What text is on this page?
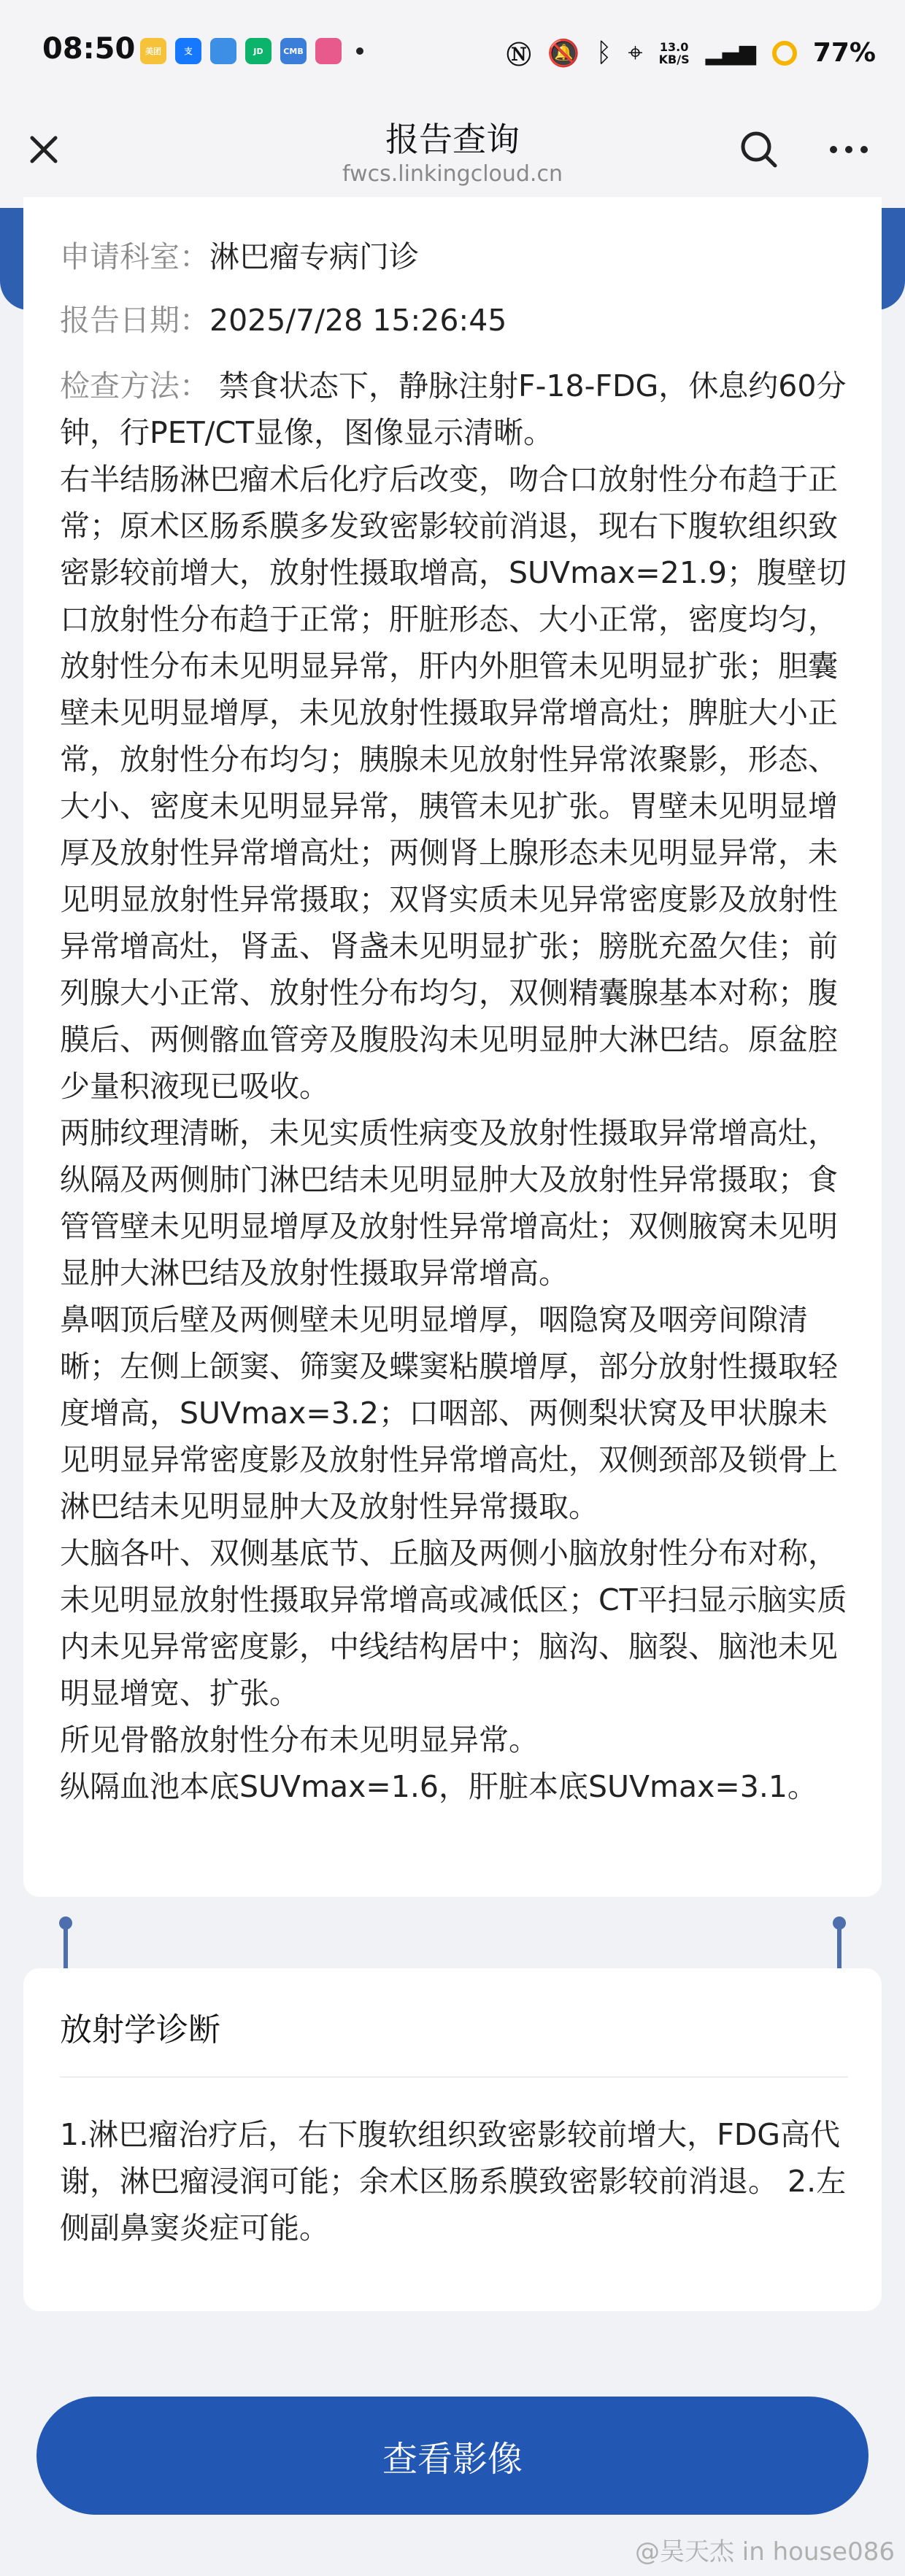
08:50	美团	支	JD	CMB	Ⓝ 🔕 ᛒ ⌖ 13.0
KB/S ▂▄▆ 77%
报告查询
fwcs.linkingcloud.cn
申请科室：淋巴瘤专病门诊
报告日期：2025/7/28 15:26:45

检查方法： 禁食状态下，静脉注射F-18-FDG，休息约60分钟，行PET/CT显像，图像显示清晰。

右半结肠淋巴瘤术后化疗后改变，吻合口放射性分布趋于正常；原术区肠系膜多发致密影较前消退，现右下腹软组织致密影较前增大，放射性摄取增高，SUVmax=21.9；腹壁切口放射性分布趋于正常；肝脏形态、大小正常，密度均匀，放射性分布未见明显异常，肝内外胆管未见明显扩张；胆囊壁未见明显增厚，未见放射性摄取异常增高灶；脾脏大小正常，放射性分布均匀；胰腺未见放射性异常浓聚影，形态、大小、密度未见明显异常，胰管未见扩张。胃壁未见明显增厚及放射性异常增高灶；两侧肾上腺形态未见明显异常，未见明显放射性异常摄取；双肾实质未见异常密度影及放射性异常增高灶，肾盂、肾盏未见明显扩张；膀胱充盈欠佳；前列腺大小正常、放射性分布均匀，双侧精囊腺基本对称；腹膜后、两侧髂血管旁及腹股沟未见明显肿大淋巴结。原盆腔少量积液现已吸收。

两肺纹理清晰，未见实质性病变及放射性摄取异常增高灶，纵隔及两侧肺门淋巴结未见明显肿大及放射性异常摄取；食管管壁未见明显增厚及放射性异常增高灶；双侧腋窝未见明显肿大淋巴结及放射性摄取异常增高。

鼻咽顶后壁及两侧壁未见明显增厚，咽隐窝及咽旁间隙清晰；左侧上颌窦、筛窦及蝶窦粘膜增厚，部分放射性摄取轻度增高，SUVmax=3.2；口咽部、两侧梨状窝及甲状腺未见明显异常密度影及放射性异常增高灶，双侧颈部及锁骨上淋巴结未见明显肿大及放射性异常摄取。

大脑各叶、双侧基底节、丘脑及两侧小脑放射性分布对称，未见明显放射性摄取异常增高或减低区；CT平扫显示脑实质内未见异常密度影，中线结构居中；脑沟、脑裂、脑池未见明显增宽、扩张。

所见骨骼放射性分布未见明显异常。

纵隔血池本底SUVmax=1.6，肝脏本底SUVmax=3.1。

放射学诊断
1.淋巴瘤治疗后，右下腹软组织致密影较前增大，FDG高代谢，淋巴瘤浸润可能；余术区肠系膜致密影较前消退。 2.左侧副鼻窦炎症可能。
查看影像
@吴天杰 in house086
